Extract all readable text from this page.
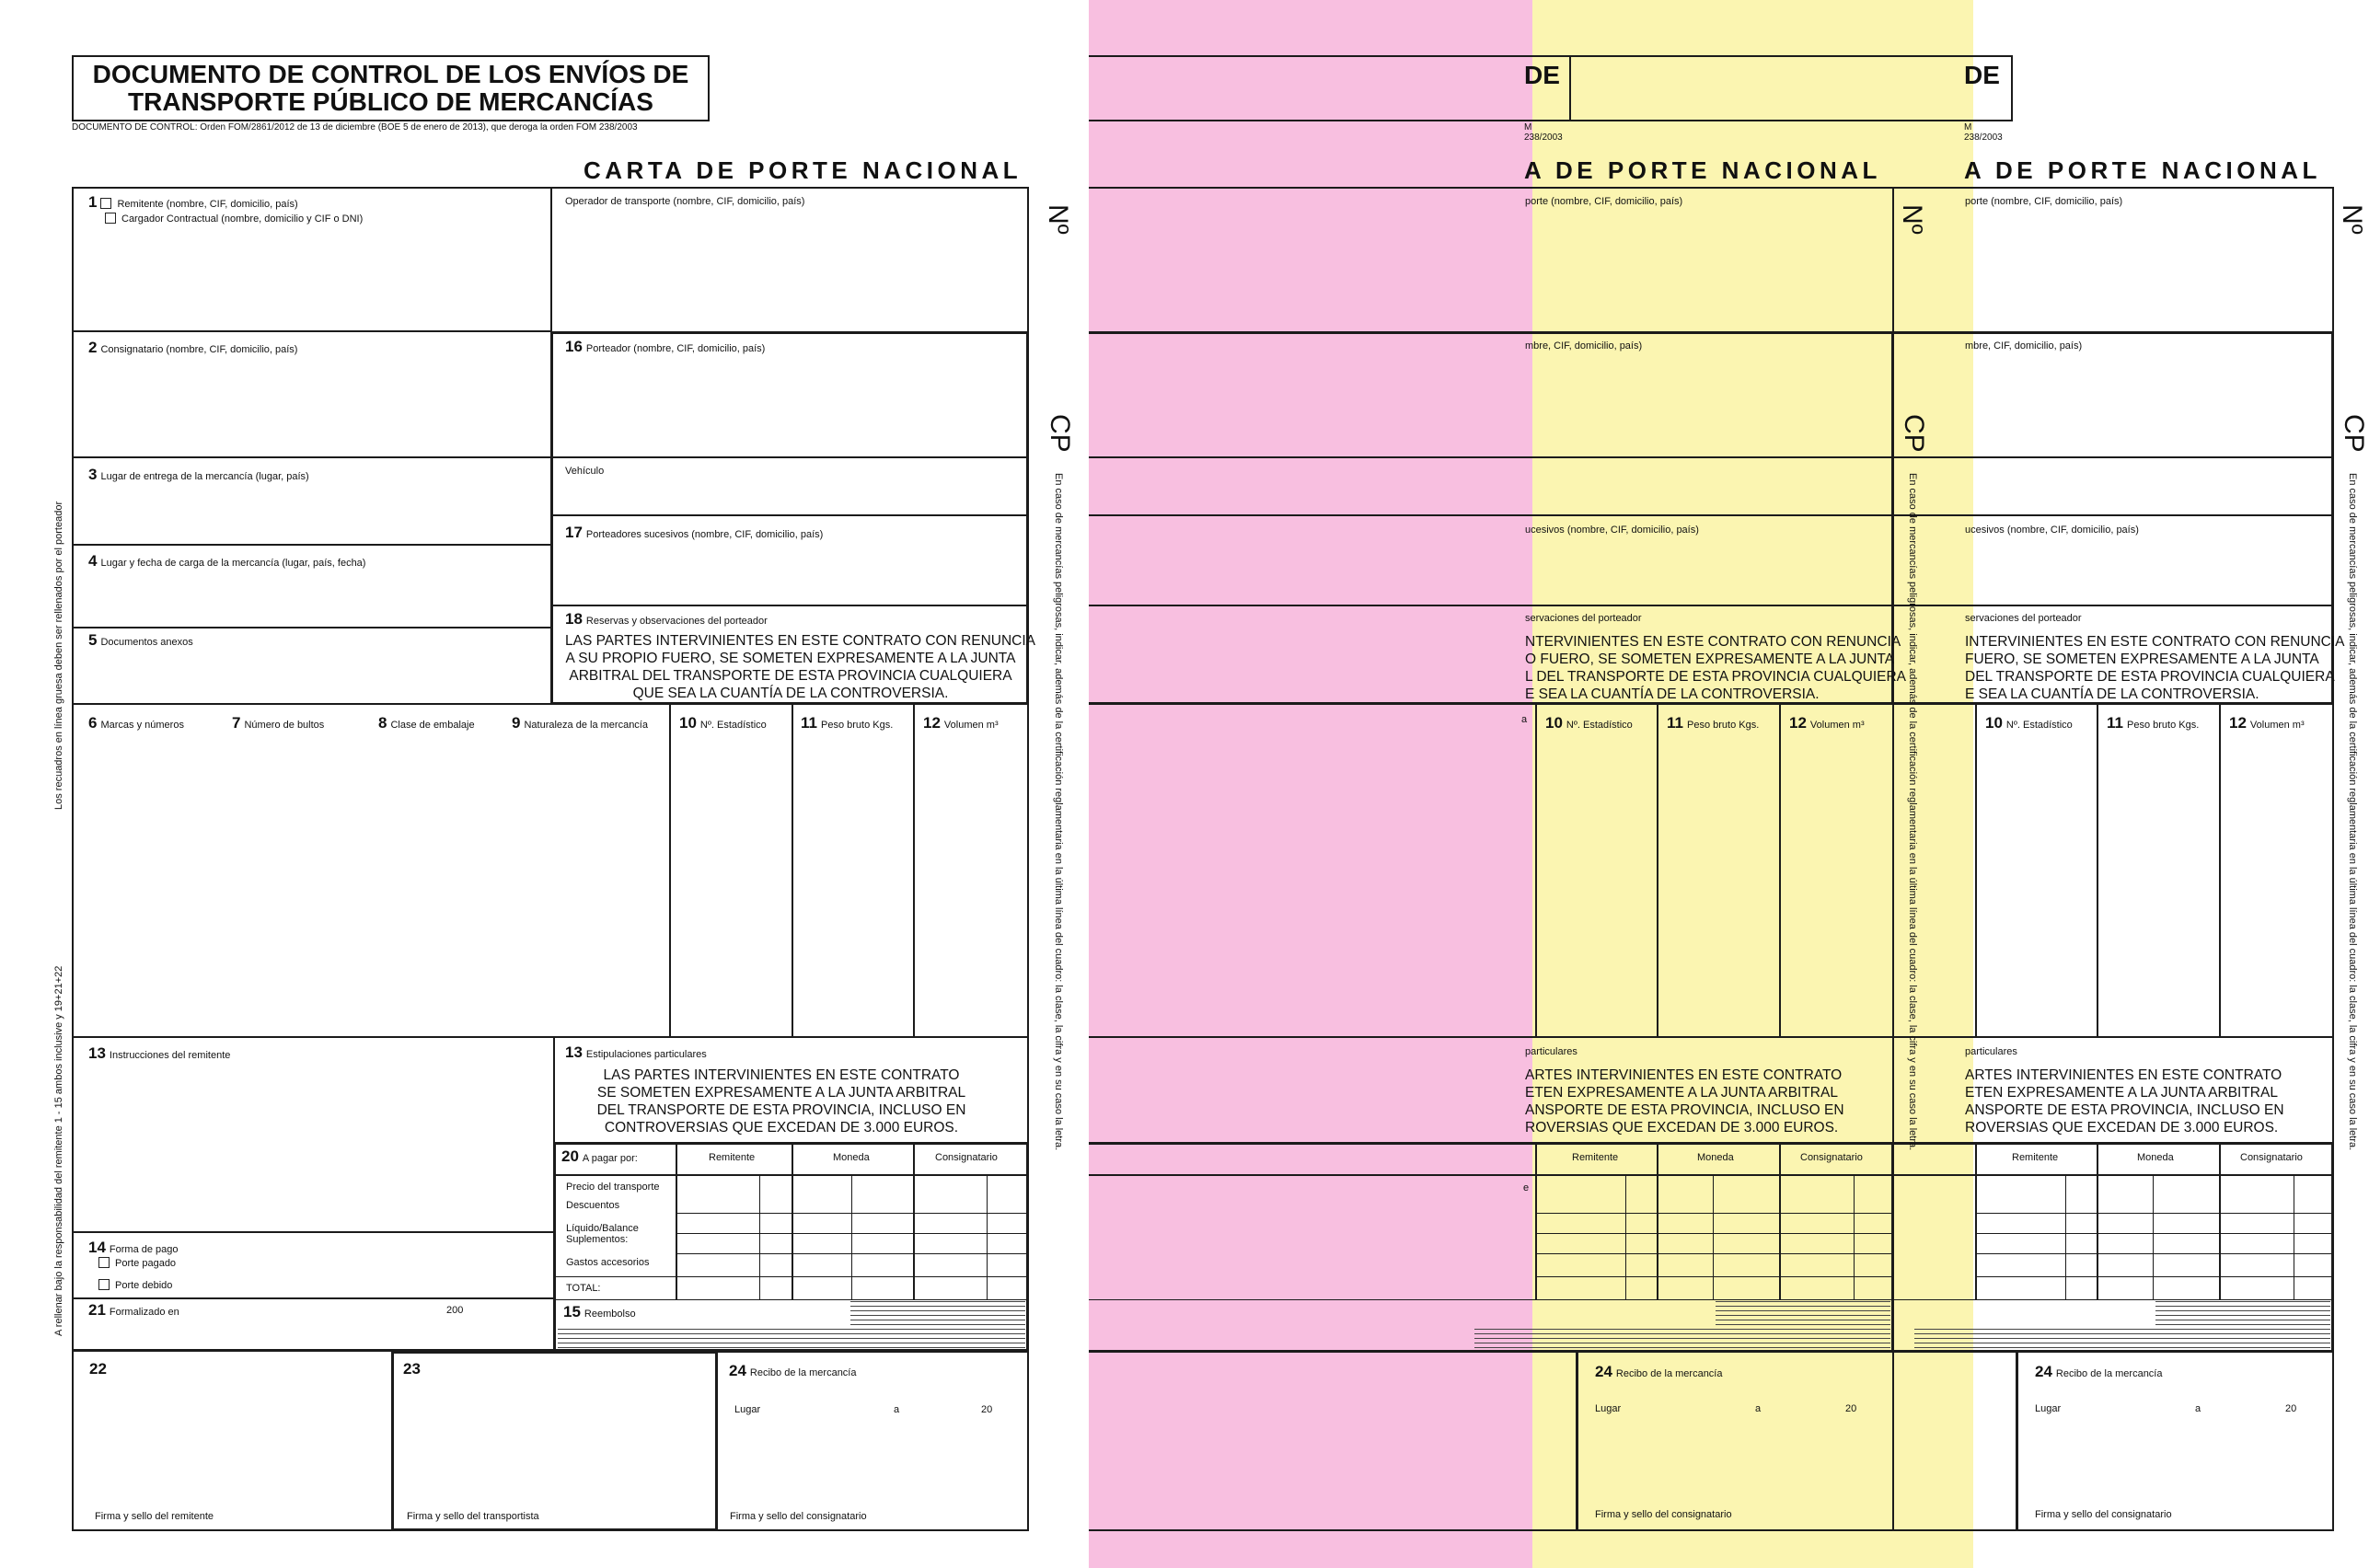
DE
M 238/2003
A DE PORTE NACIONAL
porte (nombre, CIF, domicilio, país)
mbre, CIF, domicilio, país)
ucesivos (nombre, CIF, domicilio, país)
servaciones del porteador
INTERVINIENTES EN ESTE CONTRATO CON RENUNCIA
FUERO, SE SOMETEN EXPRESAMENTE A LA JUNTA
DEL TRANSPORTE DE ESTA PROVINCIA CUALQUIERA
E SEA LA CUANTÍA DE LA CONTROVERSIA.
10 Nº. Estadístico 11 Peso bruto Kgs. 12 Volumen m³
particulares
ARTES INTERVINIENTES EN ESTE CONTRATO
ETEN EXPRESAMENTE A LA JUNTA ARBITRAL
ANSPORTE DE ESTA PROVINCIA, INCLUSO EN
ROVERSIAS QUE EXCEDAN DE 3.000 EUROS.
Remitente	Moneda	Consignatario
24 Recibo de la mercancía
Lugar	a	20
Firma y sello del consignatario
Nº
CP
En caso de mercancías peligrosas, indicar, además de la certificación reglamentaria en la última línea del cuadro: la clase, la cifra y en su caso la letra.
DE
M 238/2003
A DE PORTE NACIONAL
porte (nombre, CIF, domicilio, país)
mbre, CIF, domicilio, país)
ucesivos (nombre, CIF, domicilio, país)
servaciones del porteador
NTERVINIENTES EN ESTE CONTRATO CON RENUNCIA
O FUERO, SE SOMETEN EXPRESAMENTE A LA JUNTA
L DEL TRANSPORTE DE ESTA PROVINCIA CUALQUIERA
E SEA LA CUANTÍA DE LA CONTROVERSIA.
a 10 Nº. Estadístico 11 Peso bruto Kgs. 12 Volumen m³
particulares
ARTES INTERVINIENTES EN ESTE CONTRATO
ETEN EXPRESAMENTE A LA JUNTA ARBITRAL
ANSPORTE DE ESTA PROVINCIA, INCLUSO EN
ROVERSIAS QUE EXCEDAN DE 3.000 EUROS.
e
Remitente	Moneda	Consignatario
24 Recibo de la mercancía
Lugar	a	20
Firma y sello del consignatario
Nº
CP
En caso de mercancías peligrosas, indicar, además de la certificación reglamentaria en la última línea del cuadro: la clase, la cifra y en su caso la letra.
DOCUMENTO DE CONTROL DE LOS ENVÍOS DE
TRANSPORTE PÚBLICO DE MERCANCÍAS
DOCUMENTO DE CONTROL: Orden FOM/2861/2012 de 13 de diciembre (BOE 5 de enero de 2013), que deroga la orden FOM 238/2003
CARTA DE PORTE NACIONAL
1 Remitente (nombre, CIF, domicilio, país)
Cargador Contractual (nombre, domicilio y CIF o DNI)
Operador de transporte (nombre, CIF, domicilio, país)
2 Consignatario (nombre, CIF, domicilio, país)	16 Porteador (nombre, CIF, domicilio, país)
3 Lugar de entrega de la mercancía (lugar, país)	Vehículo
17 Porteadores sucesivos (nombre, CIF, domicilio, país)
4 Lugar y fecha de carga de la mercancía (lugar, país, fecha)
5 Documentos anexos
18 Reservas y observaciones del porteador
LAS PARTES INTERVINIENTES EN ESTE CONTRATO CON RENUNCIA
A SU PROPIO FUERO, SE SOMETEN EXPRESAMENTE A LA JUNTA
ARBITRAL DEL TRANSPORTE DE ESTA PROVINCIA CUALQUIERA
QUE SEA LA CUANTÍA DE LA CONTROVERSIA.
6 Marcas y números	7 Número de bultos	8 Clase de embalaje 9 Naturaleza de la mercancía 10 Nº. Estadístico 11 Peso bruto Kgs. 12 Volumen m³
13 Instrucciones del remitente	13 Estipulaciones particulares
LAS PARTES INTERVINIENTES EN ESTE CONTRATO
SE SOMETEN EXPRESAMENTE A LA JUNTA ARBITRAL
DEL TRANSPORTE DE ESTA PROVINCIA, INCLUSO EN
CONTROVERSIAS QUE EXCEDAN DE 3.000 EUROS.
20 A pagar por:	Remitente	Moneda	Consignatario
Precio del transporte
Descuentos
Líquido/Balance
Suplementos:
Gastos accesorios
TOTAL:
14 Forma de pago
Porte pagado
Porte debido
21 Formalizado en	200	15 Reembolso
22	23	24 Recibo de la mercancía
Lugar	a	20
Firma y sello del remitente	Firma y sello del transportista	Firma y sello del consignatario
Los recuadros en línea gruesa deben ser rellenados por el porteador
A rellenar bajo la responsabilidad del remitente 1 - 15 ambos inclusive y 19+21+22
Nº
CP
En caso de mercancías peligrosas, indicar, además de la certificación reglamentaria en la última línea del cuadro: la clase, la cifra y en su caso la letra.
